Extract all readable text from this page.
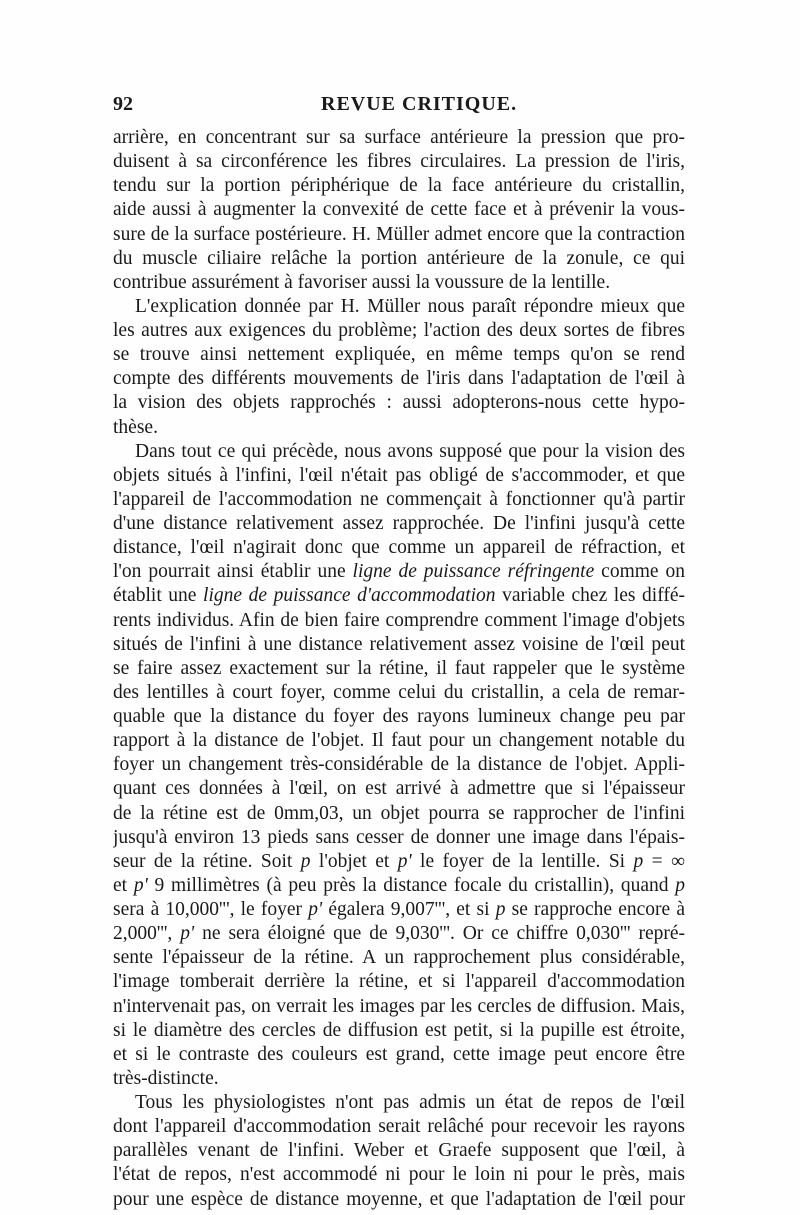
92	REVUE CRITIQUE.
arrière, en concentrant sur sa surface antérieure la pression que pro-
duisent à sa circonférence les fibres circulaires. La pression de l'iris,
tendu sur la portion périphérique de la face antérieure du cristallin,
aide aussi à augmenter la convexité de cette face et à prévenir la vous-
sure de la surface postérieure. H. Müller admet encore que la contraction
du muscle ciliaire relâche la portion antérieure de la zonule, ce qui
contribue assurément à favoriser aussi la voussure de la lentille.
L'explication donnée par H. Müller nous paraît répondre mieux que
les autres aux exigences du problème; l'action des deux sortes de fibres
se trouve ainsi nettement expliquée, en même temps qu'on se rend
compte des différents mouvements de l'iris dans l'adaptation de l'œil à
la vision des objets rapprochés : aussi adopterons-nous cette hypo-
thèse.
Dans tout ce qui précède, nous avons supposé que pour la vision des
objets situés à l'infini, l'œil n'était pas obligé de s'accommoder, et que
l'appareil de l'accommodation ne commençait à fonctionner qu'à partir
d'une distance relativement assez rapprochée. De l'infini jusqu'à cette
distance, l'œil n'agirait donc que comme un appareil de réfraction, et
l'on pourrait ainsi établir une ligne de puissance réfringente comme on
établit une ligne de puissance d'accommodation variable chez les diffé-
rents individus. Afin de bien faire comprendre comment l'image d'objets
situés de l'infini à une distance relativement assez voisine de l'œil peut
se faire assez exactement sur la rétine, il faut rappeler que le système
des lentilles à court foyer, comme celui du cristallin, a cela de remar-
quable que la distance du foyer des rayons lumineux change peu par
rapport à la distance de l'objet. Il faut pour un changement notable du
foyer un changement très-considérable de la distance de l'objet. Appli-
quant ces données à l'œil, on est arrivé à admettre que si l'épaisseur
de la rétine est de 0mm,03, un objet pourra se rapprocher de l'infini
jusqu'à environ 13 pieds sans cesser de donner une image dans l'épais-
seur de la rétine. Soit p l'objet et p' le foyer de la lentille. Si p = ∞
et p' 9 millimètres (à peu près la distance focale du cristallin), quand p
sera à 10,000''', le foyer p' égalera 9,007''', et si p se rapproche encore à
2,000''', p' ne sera éloigné que de 9,030'''. Or ce chiffre 0,030''' repré-
sente l'épaisseur de la rétine. A un rapprochement plus considérable,
l'image tomberait derrière la rétine, et si l'appareil d'accommodation
n'intervenait pas, on verrait les images par les cercles de diffusion. Mais,
si le diamètre des cercles de diffusion est petit, si la pupille est étroite,
et si le contraste des couleurs est grand, cette image peut encore être
très-distincte.
Tous les physiologistes n'ont pas admis un état de repos de l'œil
dont l'appareil d'accommodation serait relâché pour recevoir les rayons
parallèles venant de l'infini. Weber et Graefe supposent que l'œil, à
l'état de repos, n'est accommodé ni pour le loin ni pour le près, mais
pour une espèce de distance moyenne, et que l'adaptation de l'œil pour
